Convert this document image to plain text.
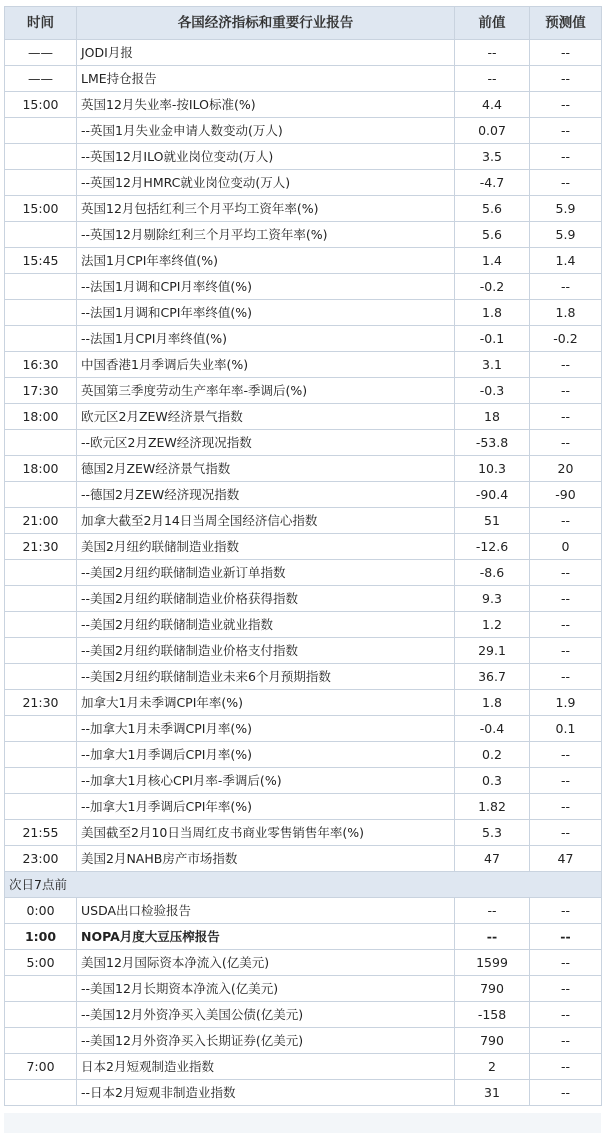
时间	各国经济指标和重要行业报告	前值	预测值
——	JODI月报	--	--
——	LME持仓报告	--	--
15:00	英国12月失业率-按ILO标准(%)	4.4	--
	--英国1月失业金申请人数变动(万人)	0.07	--
	--英国12月ILO就业岗位变动(万人)	3.5	--
	--英国12月HMRC就业岗位变动(万人)	-4.7	--
15:00	英国12月包括红利三个月平均工资年率(%)	5.6	5.9
	--英国12月剔除红利三个月平均工资年率(%)	5.6	5.9
15:45	法国1月CPI年率终值(%)	1.4	1.4
	--法国1月调和CPI月率终值(%)	-0.2	--
	--法国1月调和CPI年率终值(%)	1.8	1.8
	--法国1月CPI月率终值(%)	-0.1	-0.2
16:30	中国香港1月季调后失业率(%)	3.1	--
17:30	英国第三季度劳动生产率年率-季调后(%)	-0.3	--
18:00	欧元区2月ZEW经济景气指数	18	--
	--欧元区2月ZEW经济现况指数	-53.8	--
18:00	德国2月ZEW经济景气指数	10.3	20
	--德国2月ZEW经济现况指数	-90.4	-90
21:00	加拿大截至2月14日当周全国经济信心指数	51	--
21:30	美国2月纽约联储制造业指数	-12.6	0
	--美国2月纽约联储制造业新订单指数	-8.6	--
	--美国2月纽约联储制造业价格获得指数	9.3	--
	--美国2月纽约联储制造业就业指数	1.2	--
	--美国2月纽约联储制造业价格支付指数	29.1	--
	--美国2月纽约联储制造业未来6个月预期指数	36.7	--
21:30	加拿大1月未季调CPI年率(%)	1.8	1.9
	--加拿大1月未季调CPI月率(%)	-0.4	0.1
	--加拿大1月季调后CPI月率(%)	0.2	--
	--加拿大1月核心CPI月率-季调后(%)	0.3	--
	--加拿大1月季调后CPI年率(%)	1.82	--
21:55	美国截至2月10日当周红皮书商业零售销售年率(%)	5.3	--
23:00	美国2月NAHB房产市场指数	47	47
次日7点前			
0:00	USDA出口检验报告	--	--
1:00	NOPA月度大豆压榨报告	--	--
5:00	美国12月国际资本净流入(亿美元)	1599	--
	--美国12月长期资本净流入(亿美元)	790	--
	--美国12月外资净买入美国公债(亿美元)	-158	--
	--美国12月外资净买入长期证券(亿美元)	790	--
7:00	日本2月短观制造业指数	2	--
	--日本2月短观非制造业指数	31	--
